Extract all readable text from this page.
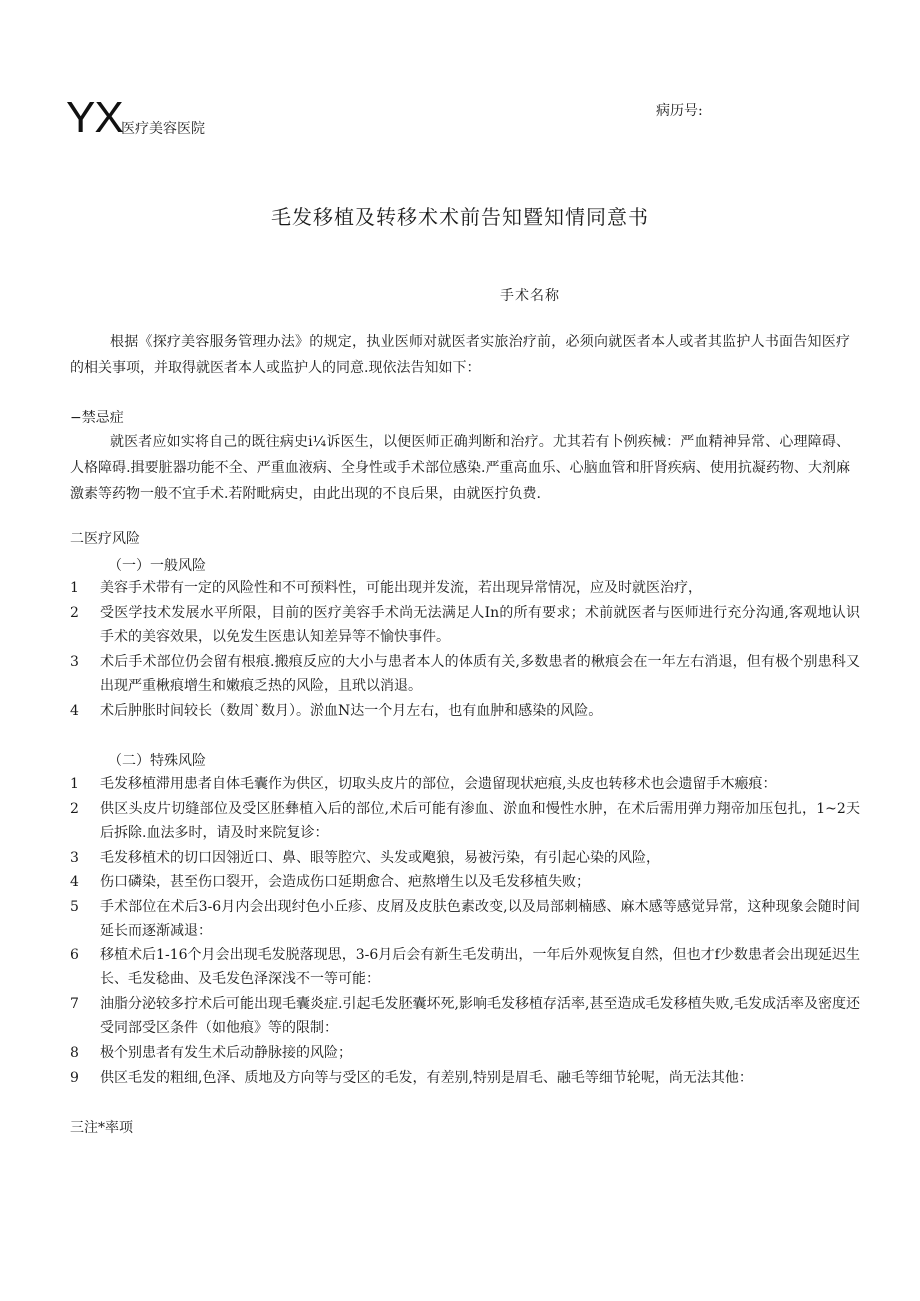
YX
医疗美容医院
病历号:
毛发移植及转移术术前告知暨知情同意书
手术名称

根据《探疗美容服务管理办法》的规定，执业医师对就医者实旅治疗前，必须向就医者本人或者其监护人书面告知医疗的相关事项，并取得就医者本人或监护人的同意.现依法告知如下：

−禁忌症

就医者应如实将自己的既往病史i¼诉医生，以便医师正确判断和治疗。尤其若有卜例疾械：严血精神异常、心理障碍、人格障碍.揖要脏器功能不全、严重血液病、全身性或手术部位感染.严重高血乐、心脑血管和肝肾疾病、使用抗凝药物、大剂麻激素等药物一般不宜手术.若附毗病史，由此出现的不良后果，由就医拧负费.

二医疗风险
（一）一般风险
1	美容手术带有一定的风险性和不可预料性，可能出现并发流，若出现异常情况，应及时就医治疗，
2	受医学技术发展水平所限，目前的医疗美容手术尚无法满足人In的所有要求；术前就医者与医师进行充分沟通,客观地认识手术的美容效果，以免发生医患认知差异等不愉快事件。
3	术后手术部位仍会留有根痕.搬痕反应的大小与患者本人的体质有关,多数患者的楸痕会在一年左右消退，但有极个别患科又出现严重楸痕增生和嫩痕乏热的风险，且玳以消退。
4	术后肿胀时间较长（数周`数月）。淤血N达一个月左右，也有血肿和感染的风险。
（二）特殊风险
1	毛发移植滞用患者自体毛囊作为供区，切取头皮片的部位，会遗留现状疤痕,头皮也转移术也会遗留手木瘢痕：
2	供区头皮片切缝部位及受区胚彝植入后的部位,术后可能有渗血、淤血和慢性水肿，在术后需用弹力翔帝加压包扎，1~2天后拆除.血法多时，请及时来院复诊：
3	毛发移植术的切口因翎近口、鼻、眼等腔穴、头发或飑狼，易被污染，有引起心染的风险，
4	伤口磷染，甚至伤口裂开，会造成伤口延期愈合、疤熬增生以及毛发移植失败；
5	手术部位在术后3-6月内会出现纣色小丘疹、皮屑及皮肤色素改变,以及局部刺楠感、麻木感等感觉异常，这种现象会随时间延长而逐渐减退：
6	移植术后1-16个月会出现毛发脱落现思，3-6月后会有新生毛发萌出，一年后外观恢复自然，但也才f少数患者会出现延迟生长、毛发稔曲、及毛发色泽深浅不一等可能：
7	油脂分泌较多拧术后可能出现毛囊炎症.引起毛发胚囊坏死,影响毛发移植存活率,甚至造成毛发移植失败,毛发成活率及密度还受同部受区条件（如他痕》等的限制：
8	极个别患者有发生术后动静脉接的风险；
9	供区毛发的粗细,色泽、质地及方向等与受区的毛发，有差别,特别是眉毛、融毛等细节轮呢，尚无法其他：
三注*率项
